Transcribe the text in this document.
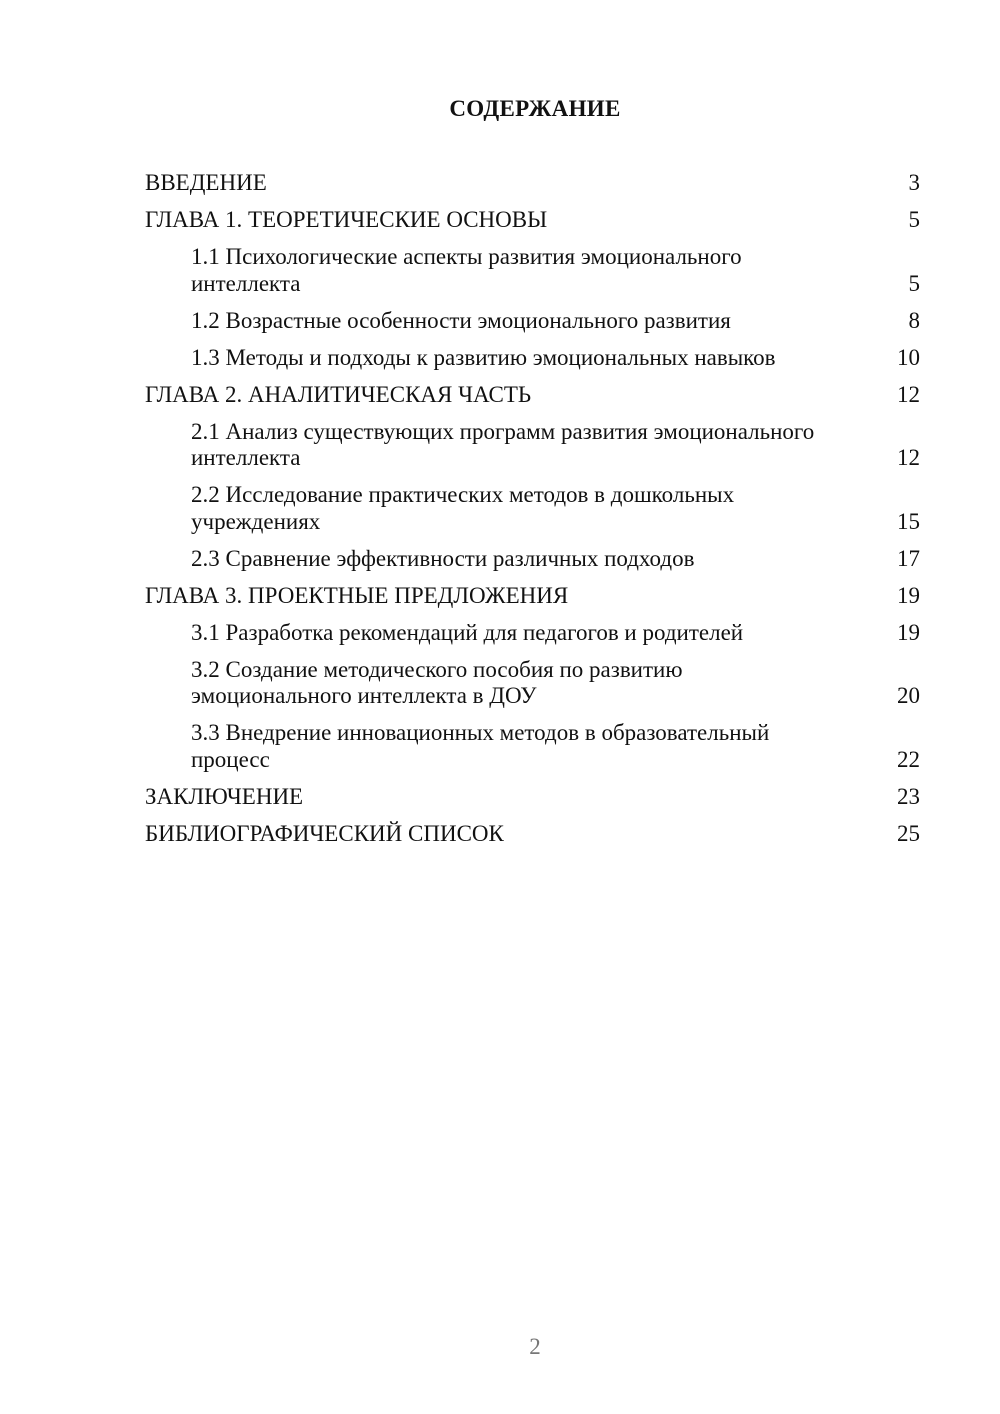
СОДЕРЖАНИЕ
ВВЕДЕНИЕ	3
ГЛАВА 1. ТЕОРЕТИЧЕСКИЕ ОСНОВЫ	5
1.1 Психологические аспекты развития эмоционального интеллекта	5
1.2 Возрастные особенности эмоционального развития	8
1.3 Методы и подходы к развитию эмоциональных навыков	10
ГЛАВА 2. АНАЛИТИЧЕСКАЯ ЧАСТЬ	12
2.1 Анализ существующих программ развития эмоционального интеллекта	12
2.2 Исследование практических методов в дошкольных учреждениях	15
2.3 Сравнение эффективности различных подходов	17
ГЛАВА 3. ПРОЕКТНЫЕ ПРЕДЛОЖЕНИЯ	19
3.1 Разработка рекомендаций для педагогов и родителей	19
3.2 Создание методического пособия по развитию эмоционального интеллекта в ДОУ	20
3.3 Внедрение инновационных методов в образовательный процесс	22
ЗАКЛЮЧЕНИЕ	23
БИБЛИОГРАФИЧЕСКИЙ СПИСОК	25
2
